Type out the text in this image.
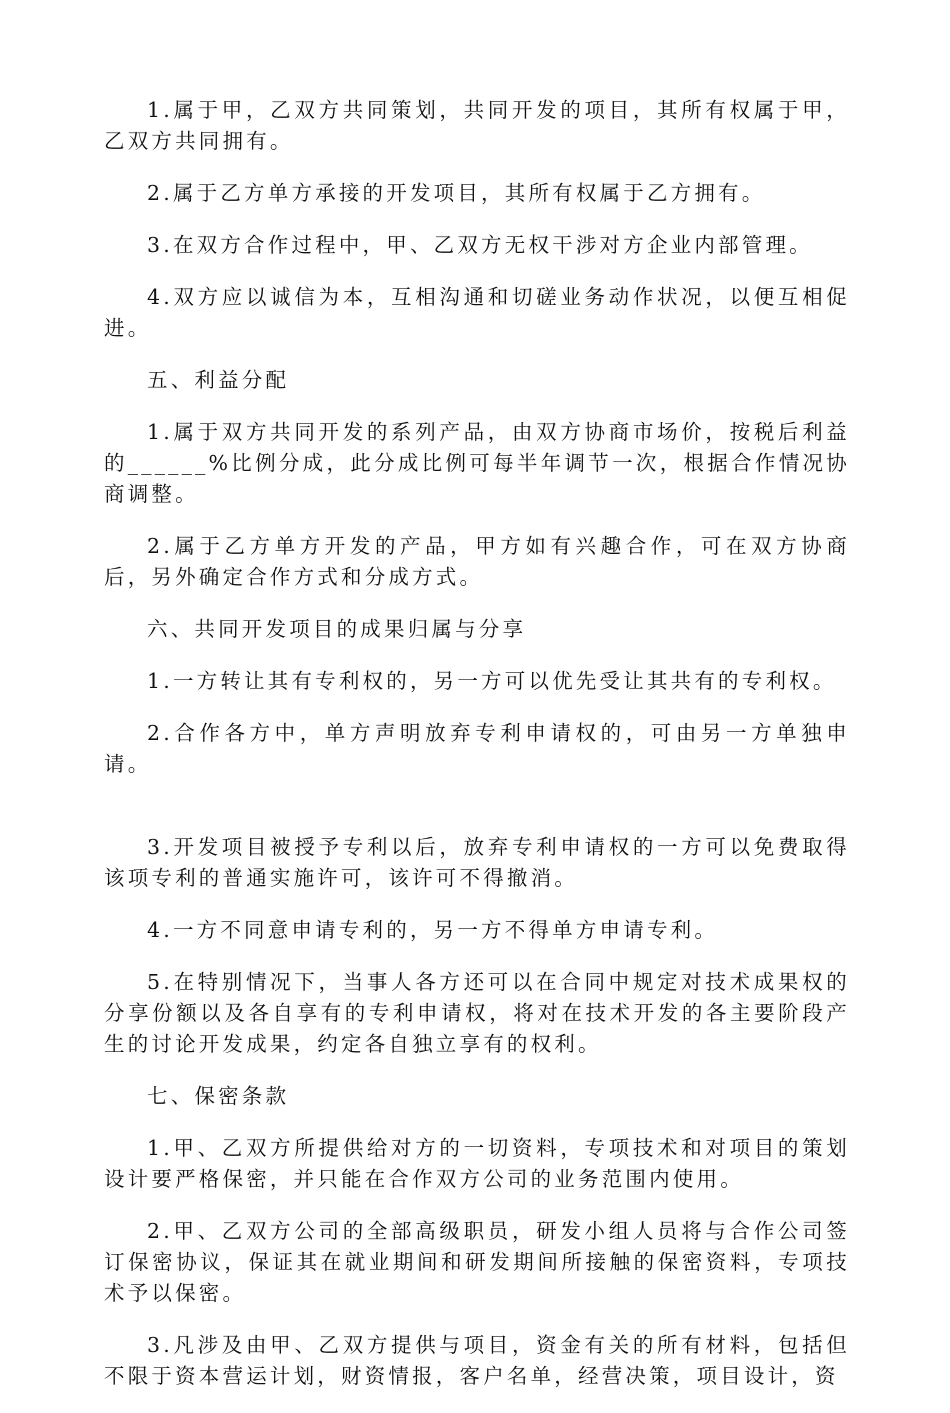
1.属于甲，乙双方共同策划，共同开发的项目，其所有权属于甲，乙双方共同拥有。

2.属于乙方单方承接的开发项目，其所有权属于乙方拥有。

3.在双方合作过程中，甲、乙双方无权干涉对方企业内部管理。

4.双方应以诚信为本，互相沟通和切磋业务动作状况，以便互相促进。

五、利益分配

1.属于双方共同开发的系列产品，由双方协商市场价，按税后利益的______%比例分成，此分成比例可每半年调节一次，根据合作情况协商调整。

2.属于乙方单方开发的产品，甲方如有兴趣合作，可在双方协商后，另外确定合作方式和分成方式。

六、共同开发项目的成果归属与分享

1.一方转让其有专利权的，另一方可以优先受让其共有的专利权。

2.合作各方中，单方声明放弃专利申请权的，可由另一方单独申请。

3.开发项目被授予专利以后，放弃专利申请权的一方可以免费取得该项专利的普通实施许可，该许可不得撤消。

4.一方不同意申请专利的，另一方不得单方申请专利。

5.在特别情况下，当事人各方还可以在合同中规定对技术成果权的分享份额以及各自享有的专利申请权，将对在技术开发的各主要阶段产生的讨论开发成果，约定各自独立享有的权利。

七、保密条款

1.甲、乙双方所提供给对方的一切资料，专项技术和对项目的策划设计要严格保密，并只能在合作双方公司的业务范围内使用。

2.甲、乙双方公司的全部高级职员，研发小组人员将与合作公司签订保密协议，保证其在就业期间和研发期间所接触的保密资料，专项技术予以保密。

3.凡涉及由甲、乙双方提供与项目，资金有关的所有材料，包括但不限于资本营运计划，财资情报，客户名单，经营决策，项目设计，资
